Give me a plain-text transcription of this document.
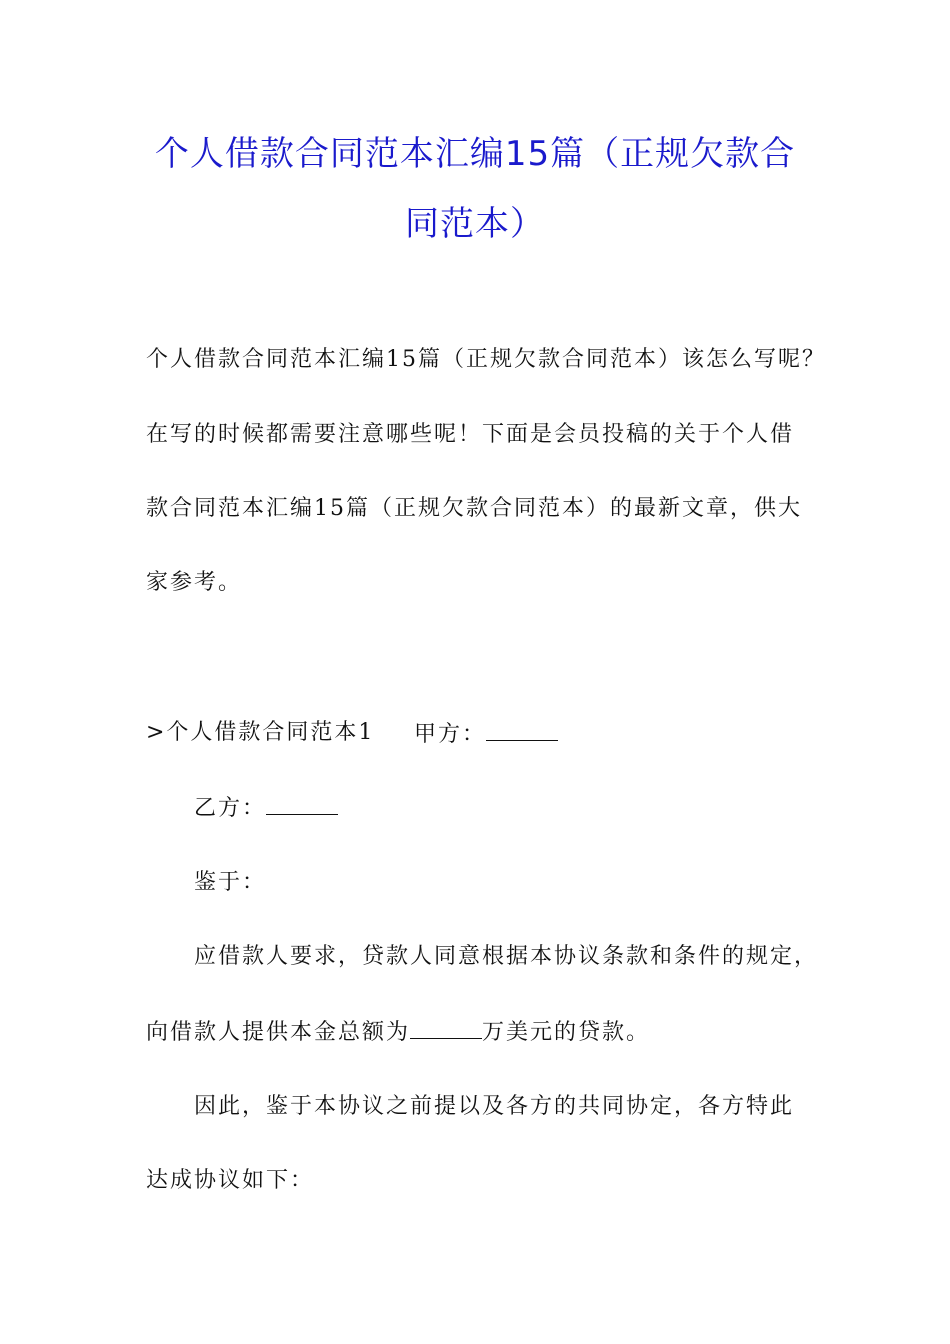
个人借款合同范本汇编15篇（正规欠款合
同范本）
个人借款合同范本汇编15篇（正规欠款合同范本）该怎么写呢？
在写的时候都需要注意哪些呢！下面是会员投稿的关于个人借
款合同范本汇编15篇（正规欠款合同范本）的最新文章，供大
家参考。
>个人借款合同范本1 甲方：
乙方：
鉴于：
应借款人要求，贷款人同意根据本协议条款和条件的规定，
向借款人提供本金总额为	万美元的贷款。
因此，鉴于本协议之前提以及各方的共同协定，各方特此
达成协议如下：
